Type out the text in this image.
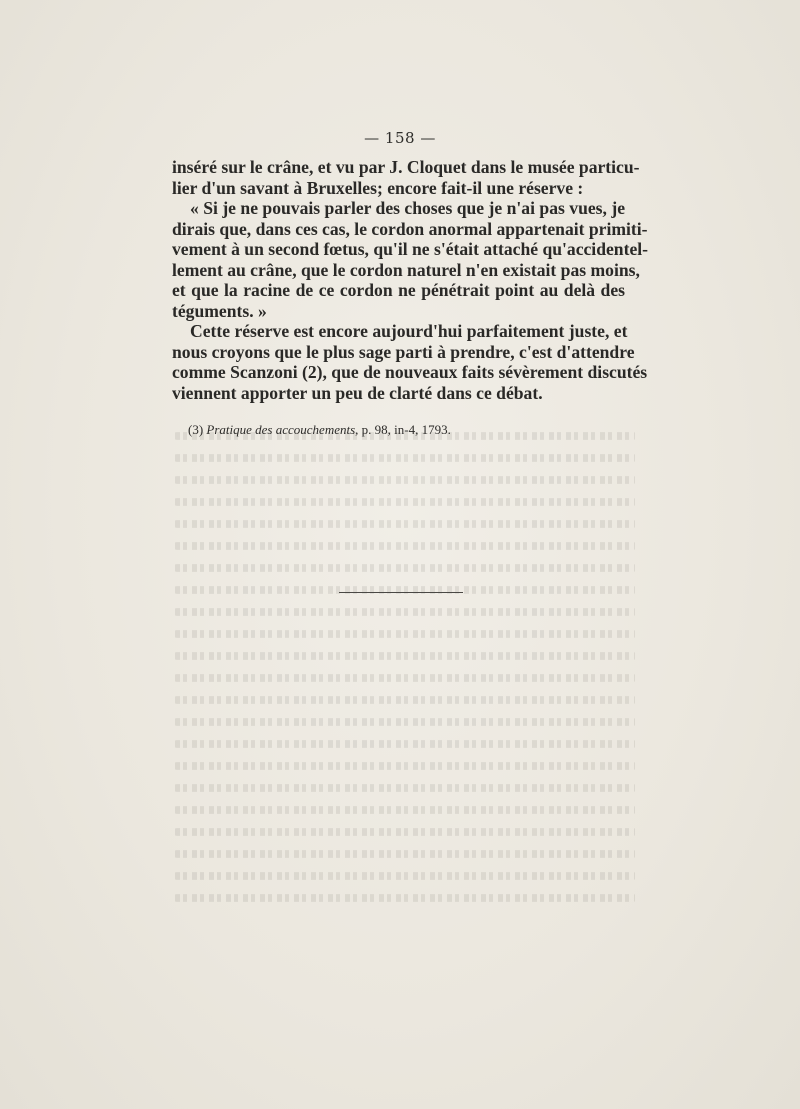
— 158 —
inséré sur le crâne, et vu par J. Cloquet dans le musée particu-
lier d'un savant à Bruxelles; encore fait-il une réserve :
« Si je ne pouvais parler des choses que je n'ai pas vues, je
dirais que, dans ces cas, le cordon anormal appartenait primiti-
vement à un second fœtus, qu'il ne s'était attaché qu'accidentel-
lement au crâne, que le cordon naturel n'en existait pas moins,
et que la racine de ce cordon ne pénétrait point au delà des
téguments. »
Cette réserve est encore aujourd'hui parfaitement juste, et
nous croyons que le plus sage parti à prendre, c'est d'attendre
comme Scanzoni (2), que de nouveaux faits sévèrement discutés
viennent apporter un peu de clarté dans ce débat.
(3) Pratique des accouchements, p. 98, in-4, 1793.
